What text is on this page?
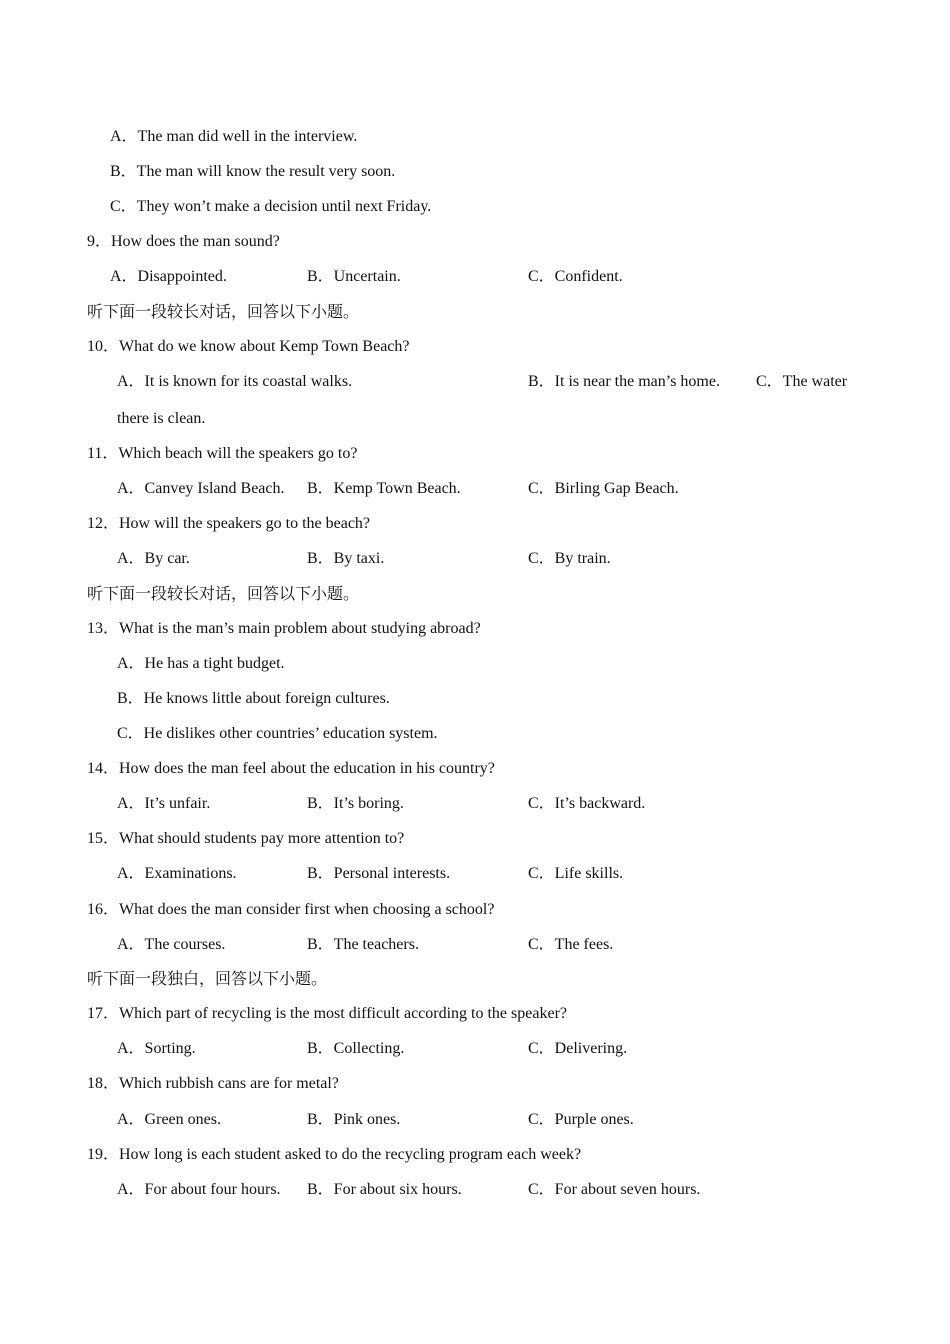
A．The man did well in the interview.
B．The man will know the result very soon.
C．They won’t make a decision until next Friday.
9．How does the man sound?
A．Disappointed.	B．Uncertain.	C．Confident.
听下面一段较长对话，回答以下小题。
10．What do we know about Kemp Town Beach?
A．It is known for its coastal walks.	B．It is near the man’s home. C．The water
there is clean.
11．Which beach will the speakers go to?
A．Canvey Island Beach. B．Kemp Town Beach.	C．Birling Gap Beach.
12．How will the speakers go to the beach?
A．By car.	B．By taxi.	C．By train.
听下面一段较长对话，回答以下小题。
13．What is the man’s main problem about studying abroad?
A．He has a tight budget.
B．He knows little about foreign cultures.
C．He dislikes other countries’ education system.
14．How does the man feel about the education in his country?
A．It’s unfair.	B．It’s boring.	C．It’s backward.
15．What should students pay more attention to?
A．Examinations.	B．Personal interests.	C．Life skills.
16．What does the man consider first when choosing a school?
A．The courses.	B．The teachers.	C．The fees.
听下面一段独白，回答以下小题。
17．Which part of recycling is the most difficult according to the speaker?
A．Sorting.	B．Collecting.	C．Delivering.
18．Which rubbish cans are for metal?
A．Green ones.	B．Pink ones.	C．Purple ones.
19．How long is each student asked to do the recycling program each week?
A．For about four hours. B．For about six hours.	C．For about seven hours.
